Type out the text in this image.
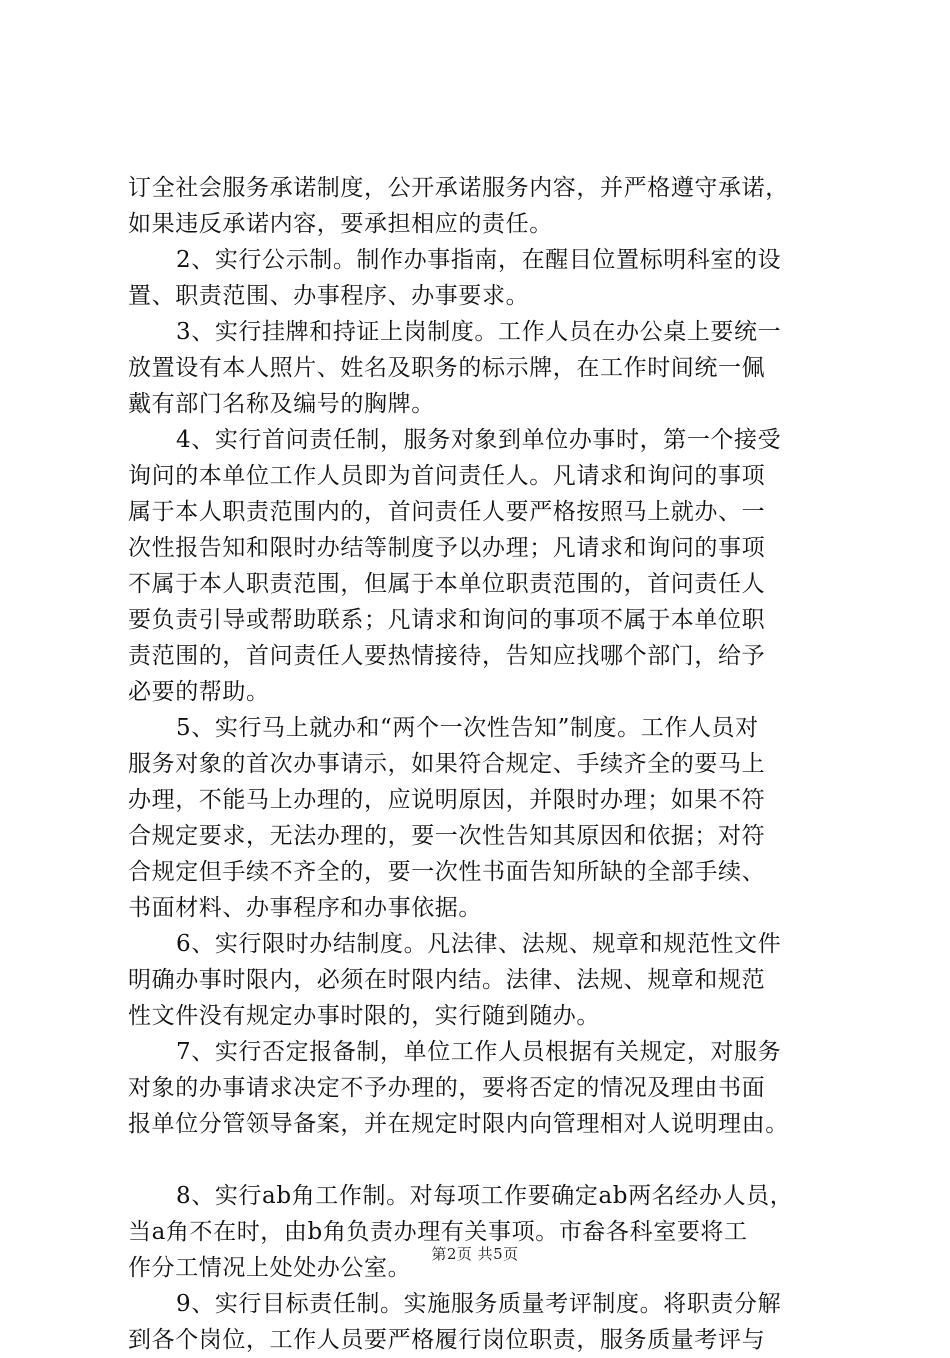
订全社会服务承诺制度，公开承诺服务内容，并严格遵守承诺，
如果违反承诺内容，要承担相应的责任。

2、实行公示制。制作办事指南，在醒目位置标明科室的设
置、职责范围、办事程序、办事要求。

3、实行挂牌和持证上岗制度。工作人员在办公桌上要统一
放置设有本人照片、姓名及职务的标示牌，在工作时间统一佩
戴有部门名称及编号的胸牌。

4、实行首问责任制，服务对象到单位办事时，第一个接受
询问的本单位工作人员即为首问责任人。凡请求和询问的事项
属于本人职责范围内的，首问责任人要严格按照马上就办、一
次性报告知和限时办结等制度予以办理；凡请求和询问的事项
不属于本人职责范围，但属于本单位职责范围的，首问责任人
要负责引导或帮助联系；凡请求和询问的事项不属于本单位职
责范围的，首问责任人要热情接待，告知应找哪个部门，给予
必要的帮助。

5、实行马上就办和“两个一次性告知”制度。工作人员对
服务对象的首次办事请示，如果符合规定、手续齐全的要马上
办理，不能马上办理的，应说明原因，并限时办理；如果不符
合规定要求，无法办理的，要一次性告知其原因和依据；对符
合规定但手续不齐全的，要一次性书面告知所缺的全部手续、
书面材料、办事程序和办事依据。

6、实行限时办结制度。凡法律、法规、规章和规范性文件
明确办事时限内，必须在时限内结。法律、法规、规章和规范
性文件没有规定办事时限的，实行随到随办。

7、实行否定报备制，单位工作人员根据有关规定，对服务
对象的办事请求决定不予办理的，要将否定的情况及理由书面
报单位分管领导备案，并在规定时限内向管理相对人说明理由。

8、实行ab角工作制。对每项工作要确定ab两名经办人员，
当a角不在时，由b角负责办理有关事项。市畚各科室要将工
作分工情况上处处办公室。

9、实行目标责任制。实施服务质量考评制度。将职责分解
到各个岗位，工作人员要严格履行岗位职责，服务质量考评与

第2页 共5页
